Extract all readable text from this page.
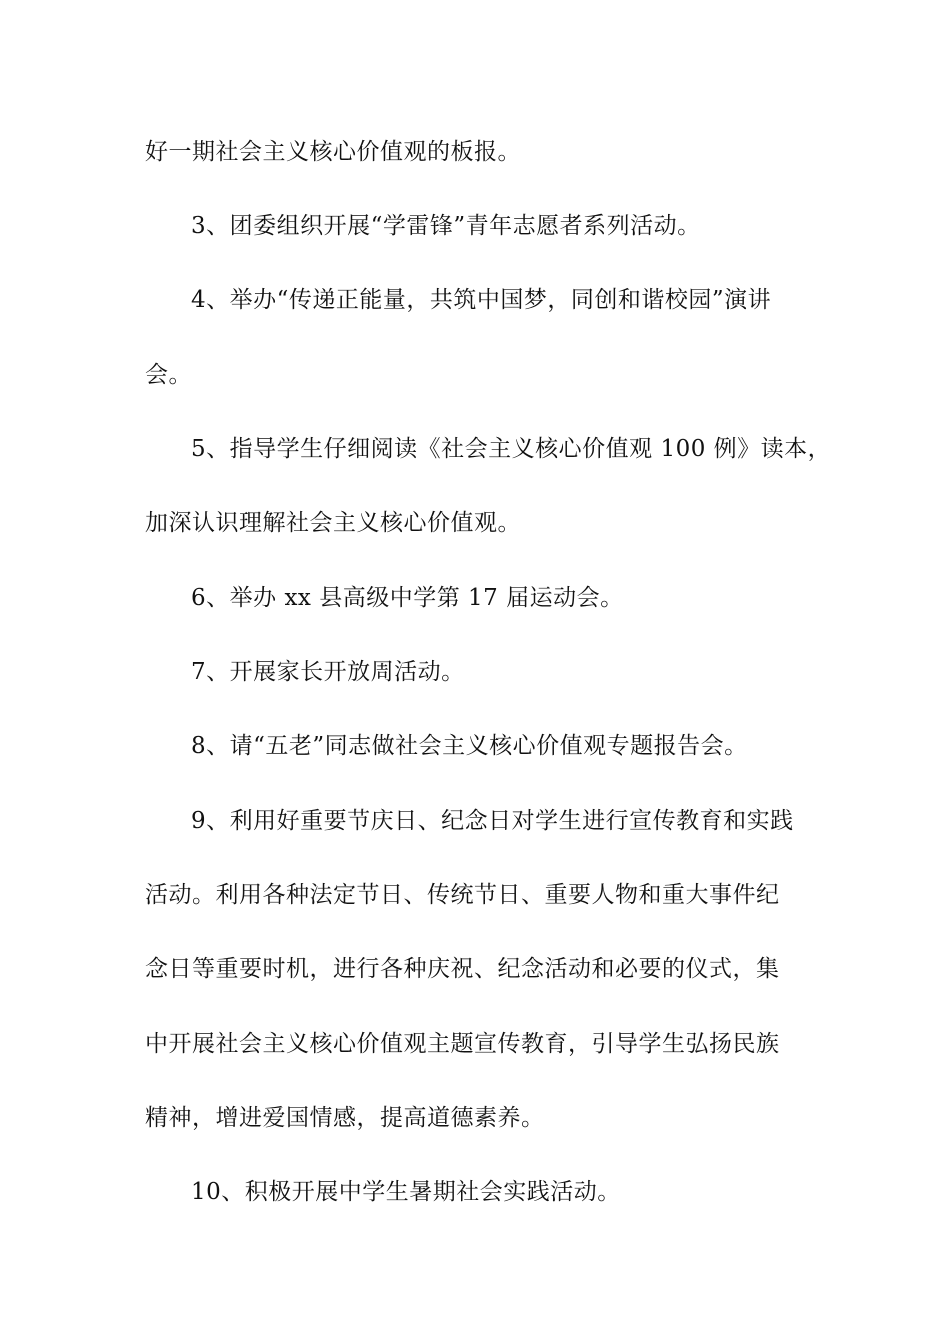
好一期社会主义核心价值观的板报。
3、团委组织开展“学雷锋”青年志愿者系列活动。
4、举办“传递正能量，共筑中国梦，同创和谐校园”演讲
会。
5、指导学生仔细阅读《社会主义核心价值观 100 例》读本，
加深认识理解社会主义核心价值观。
6、举办 xx 县高级中学第 17 届运动会。
7、开展家长开放周活动。
8、请“五老”同志做社会主义核心价值观专题报告会。
9、利用好重要节庆日、纪念日对学生进行宣传教育和实践
活动。利用各种法定节日、传统节日、重要人物和重大事件纪
念日等重要时机，进行各种庆祝、纪念活动和必要的仪式，集
中开展社会主义核心价值观主题宣传教育，引导学生弘扬民族
精神，增进爱国情感，提高道德素养。
10、积极开展中学生暑期社会实践活动。
